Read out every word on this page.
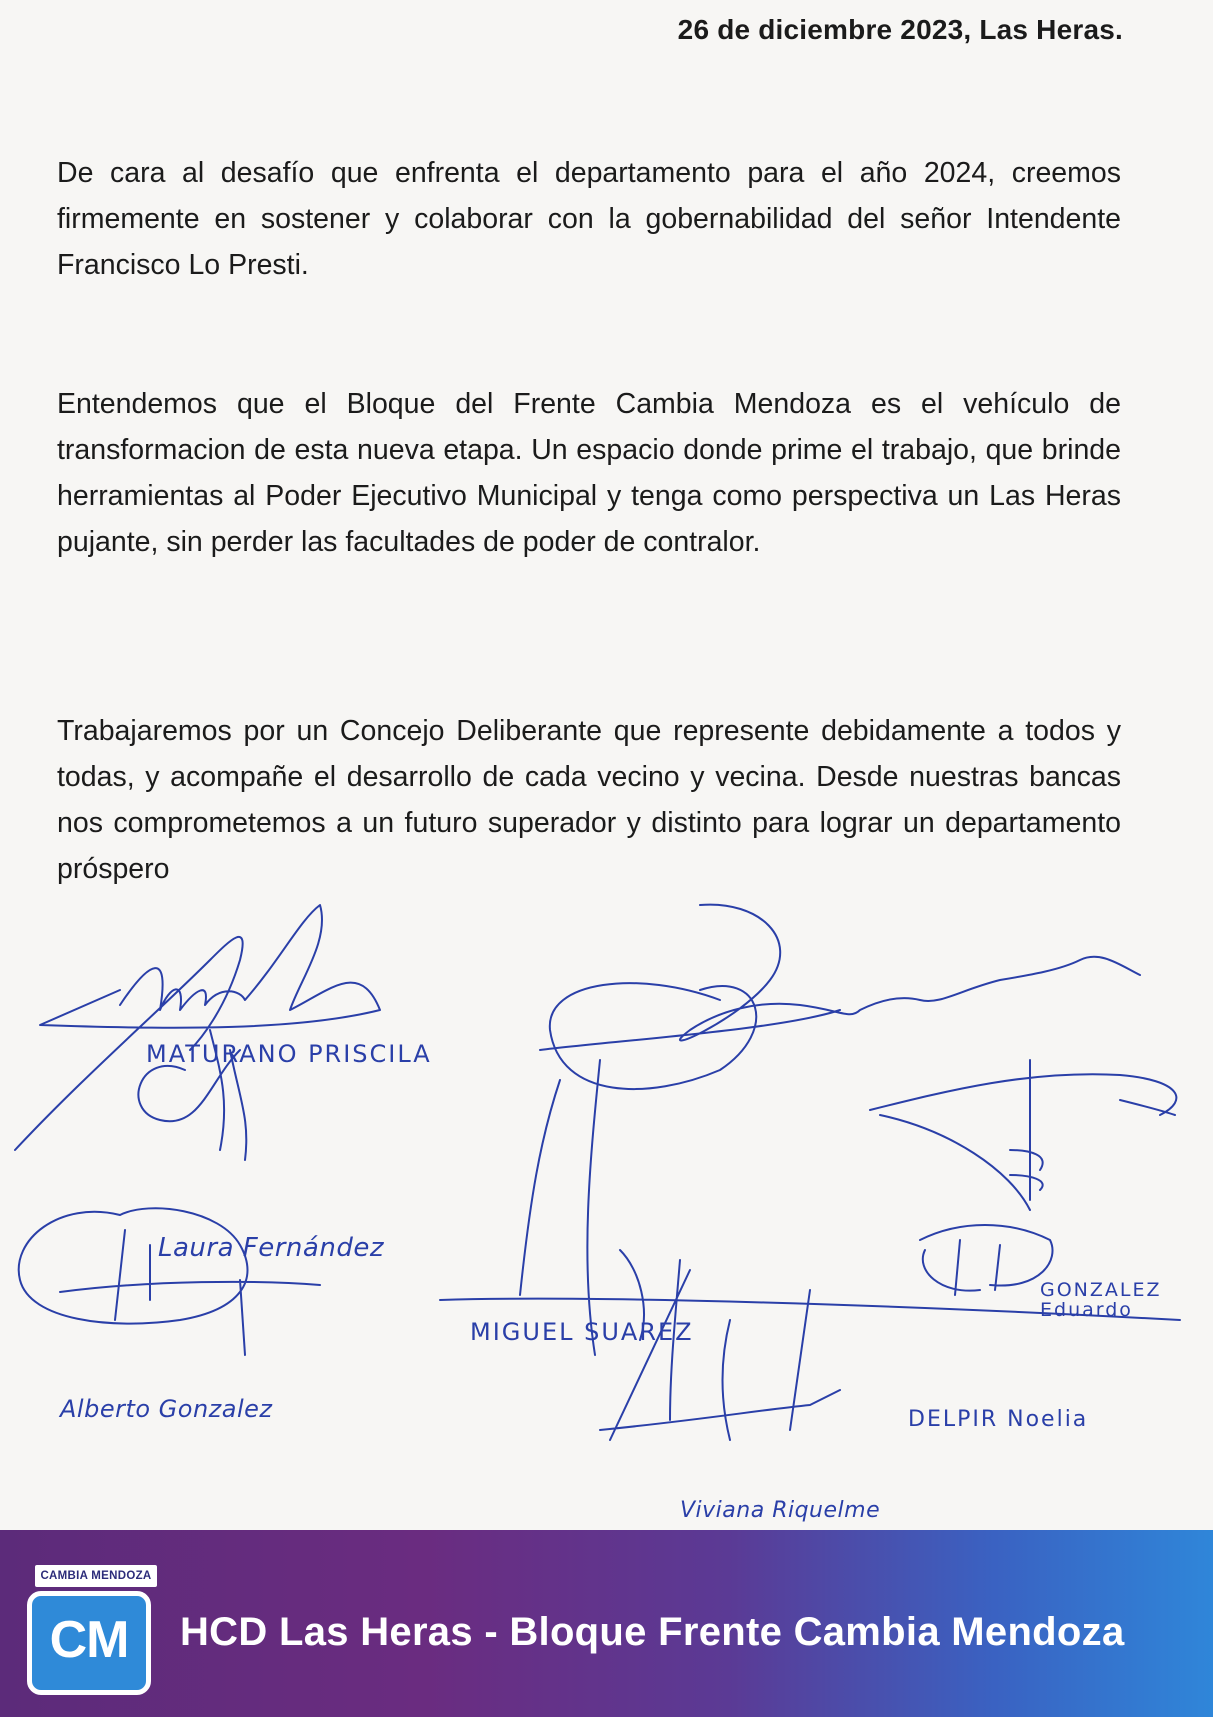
26 de diciembre 2023, Las Heras.
De cara al desafío que enfrenta el departamento para el año 2024, creemos firmemente en sostener y colaborar con la gobernabilidad del señor Intendente Francisco Lo Presti.
Entendemos que el Bloque del Frente Cambia Mendoza es el vehículo de transformacion de esta nueva etapa. Un espacio donde prime el trabajo, que brinde herramientas al Poder Ejecutivo Municipal y tenga como perspectiva un Las Heras pujante, sin perder las facultades de poder de contralor.
Trabajaremos por un Concejo Deliberante que represente debidamente a todos y todas, y acompañe el desarrollo de cada vecino y vecina. Desde nuestras bancas nos comprometemos a un futuro superador y distinto para lograr un departamento próspero
MATURANO PRISCILA
Laura Fernández
Alberto Gonzalez
MIGUEL SUAREZ
Viviana Riquelme
GONZALEZ Eduardo
DELPIR Noelia
CAMBIA MENDOZA
CM	HCD Las Heras - Bloque Frente Cambia Mendoza
